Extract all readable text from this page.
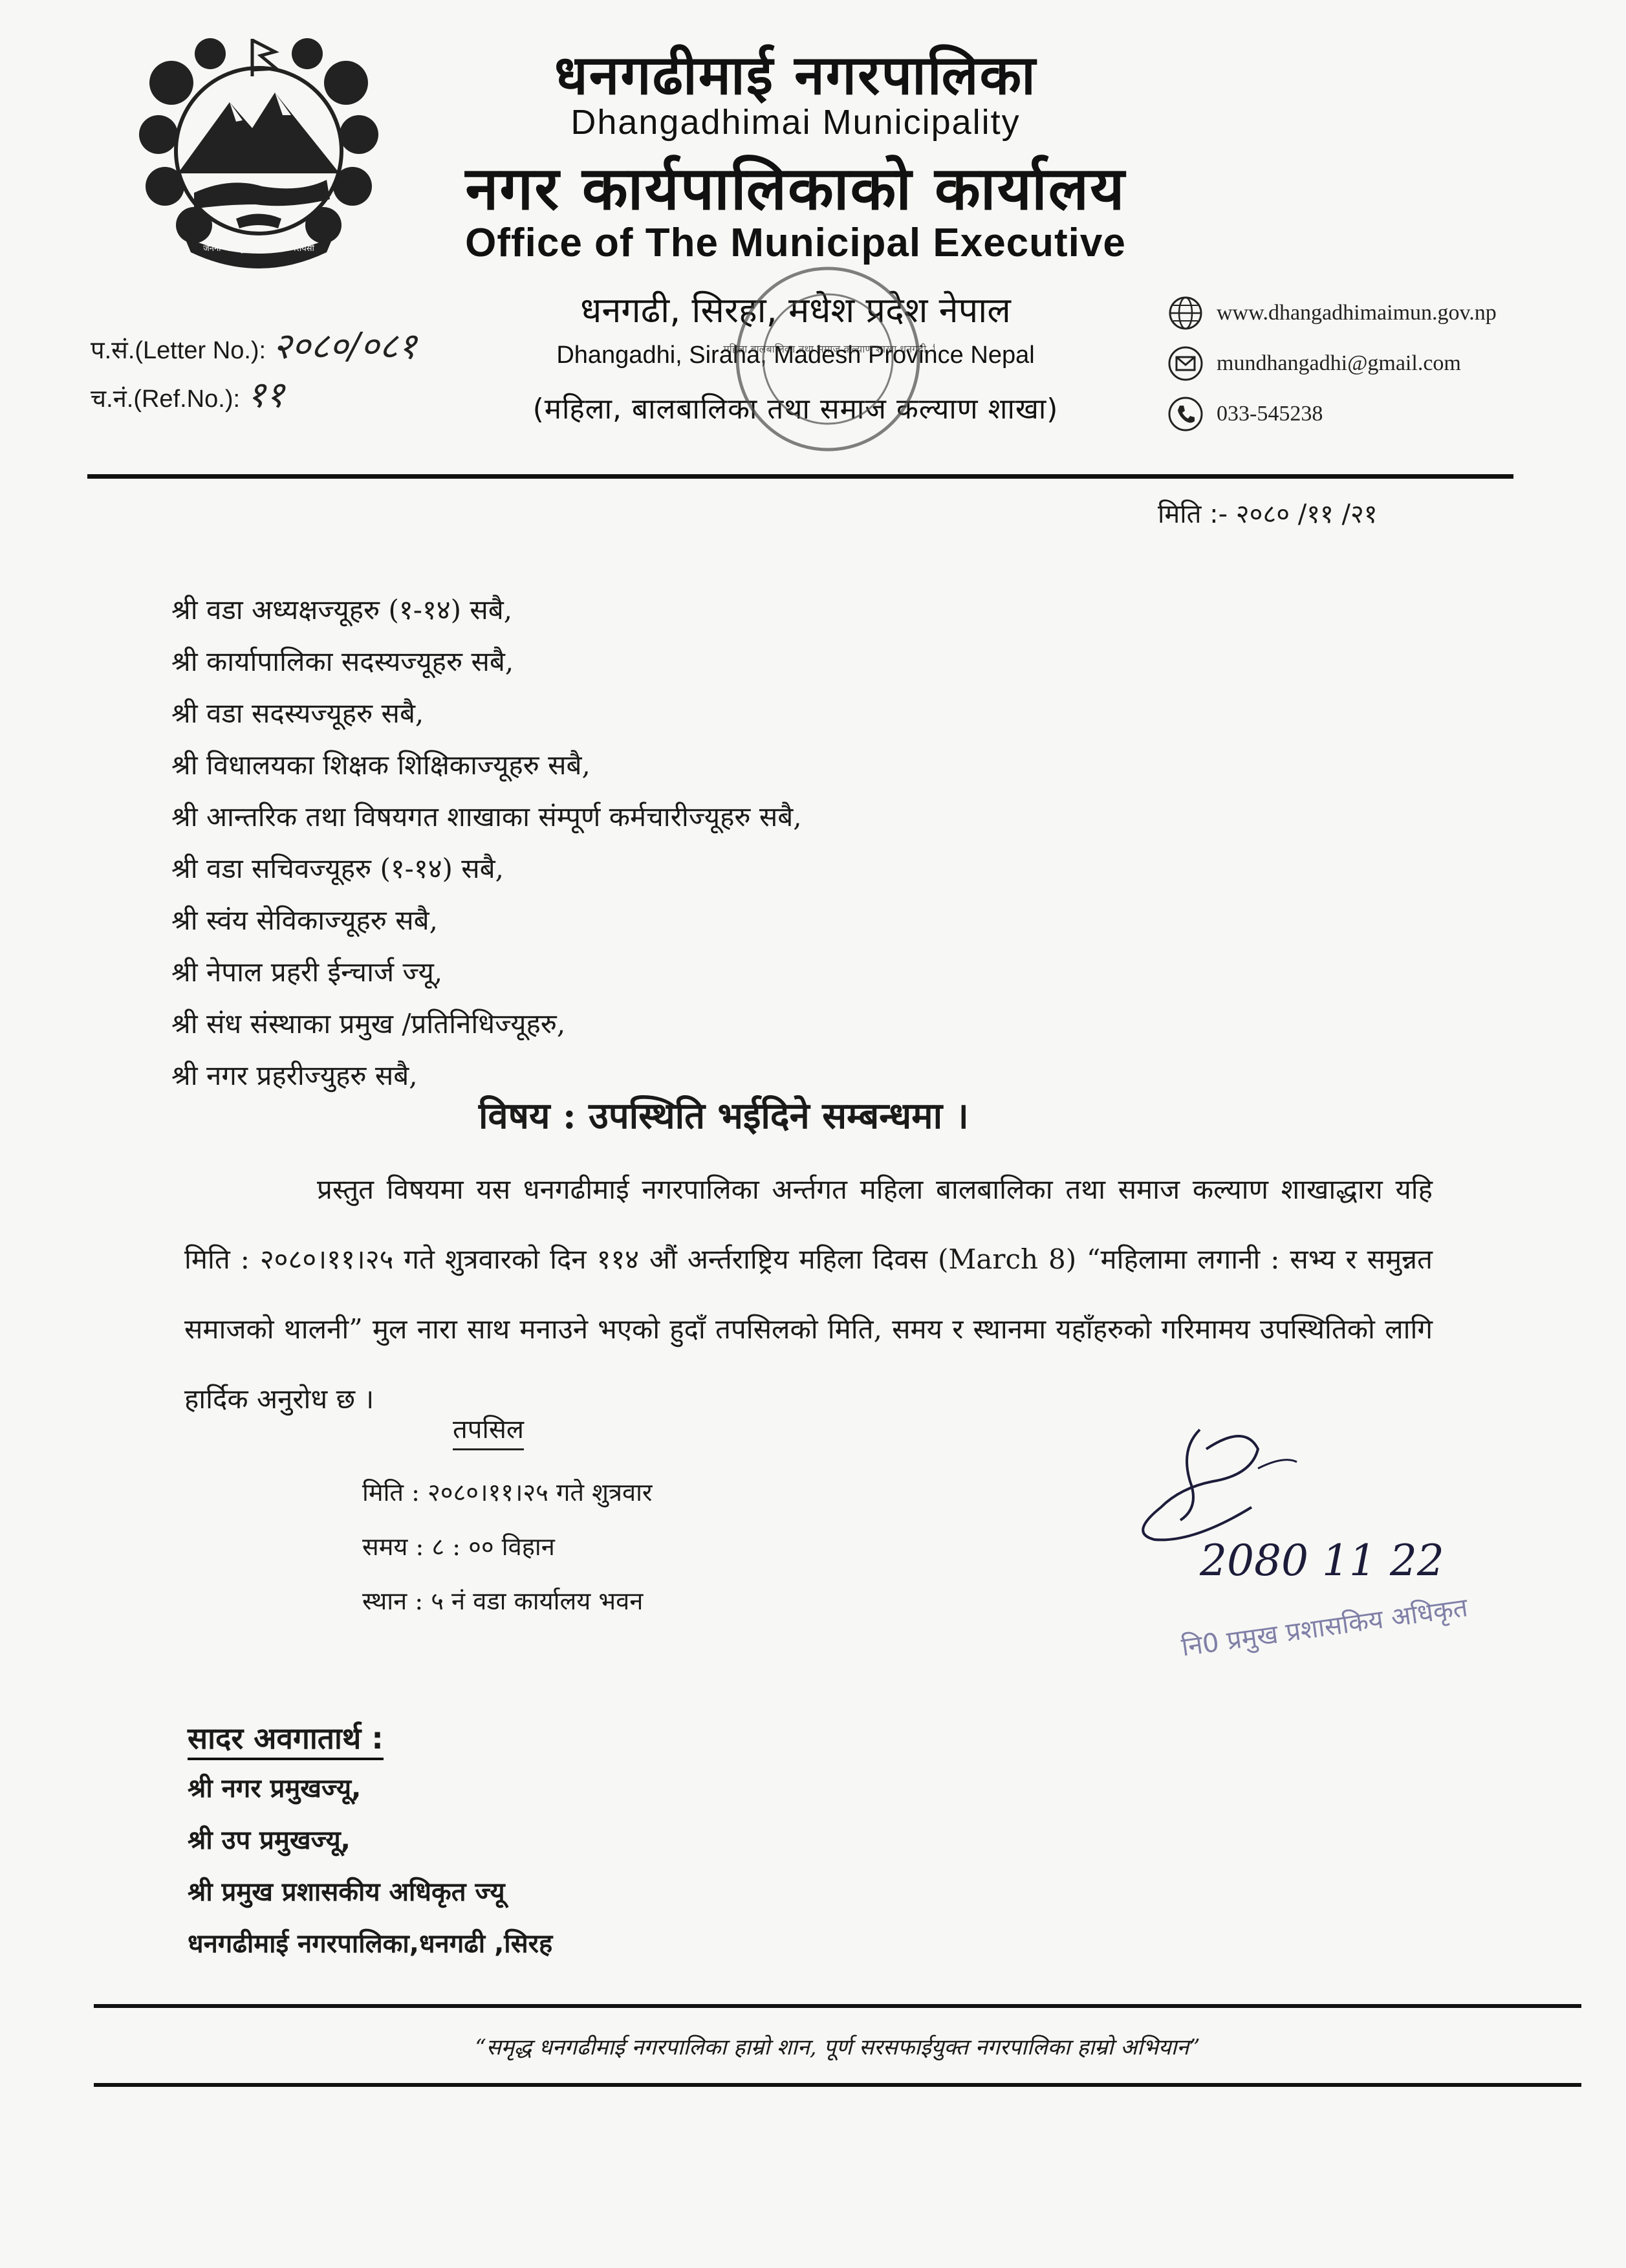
जननी जन्मभूमिश्च स्वर्गादपि गरीयसी
धनगढीमाई नगरपालिका
Dhangadhimai Municipality
नगर कार्यपालिकाको कार्यालय
Office of The Municipal Executive
धनगढी, सिरहा, मधेश प्रदेश नेपाल
Dhangadhi, Siraha, Madesh Province Nepal
(महिला, बालबालिका तथा समाज कल्याण शाखा)
प.सं.(Letter No.): २०८०/०८१
च.नं.(Ref.No.): ११
www.dhangadhimaimun.gov.np
mundhangadhi@gmail.com
033-545238
महिला बालबालिका तथा समाज कल्याण शाखा धनगढी,
मिति :- २०८० /११ /२१
श्री वडा अध्यक्षज्यूहरु (१-१४) सबै,
श्री कार्यापालिका सदस्यज्यूहरु सबै,
श्री वडा सदस्यज्यूहरु सबै,
श्री विधालयका शिक्षक शिक्षिकाज्यूहरु सबै,
श्री आन्तरिक तथा विषयगत शाखाका संम्पूर्ण कर्मचारीज्यूहरु सबै,
श्री वडा सचिवज्यूहरु (१-१४) सबै,
श्री स्वंय सेविकाज्यूहरु सबै,
श्री नेपाल प्रहरी ईन्चार्ज ज्यू,
श्री संध संस्थाका प्रमुख /प्रतिनिधिज्यूहरु,
श्री नगर प्रहरीज्युहरु सबै,
विषय : उपस्थिति भईदिने सम्बन्धमा ।
प्रस्तुत विषयमा यस धनगढीमाई नगरपालिका अर्न्तगत महिला बालबालिका तथा समाज कल्याण शाखाद्धारा यहि मिति : २०८०।११।२५ गते शुत्रवारको दिन ११४ औं अर्न्तराष्ट्रिय महिला दिवस (March 8) “महिलामा लगानी : सभ्य र समुन्नत समाजको थालनी” मुल नारा साथ मनाउने भएको हुदाँ तपसिलको मिति, समय र स्थानमा यहाँहरुको गरिमामय उपस्थितिको लागि हार्दिक अनुरोध छ ।
तपसिल
मिति : २०८०।११।२५ गते शुत्रवार
समय : ८ : ०० विहान
स्थान : ५ नं वडा कार्यालय भवन
2080 11 22
नि0 प्रमुख प्रशासकिय अधिकृत
सादर अवगातार्थ :
श्री नगर प्रमुखज्यू,
श्री उप प्रमुखज्यू,
श्री प्रमुख प्रशासकीय अधिकृत ज्यू
धनगढीमाई नगरपालिका,धनगढी ,सिरह
“समृद्ध धनगढीमाई नगरपालिका हाम्रो शान, पूर्ण सरसफाईयुक्त नगरपालिका हाम्रो अभियान”
